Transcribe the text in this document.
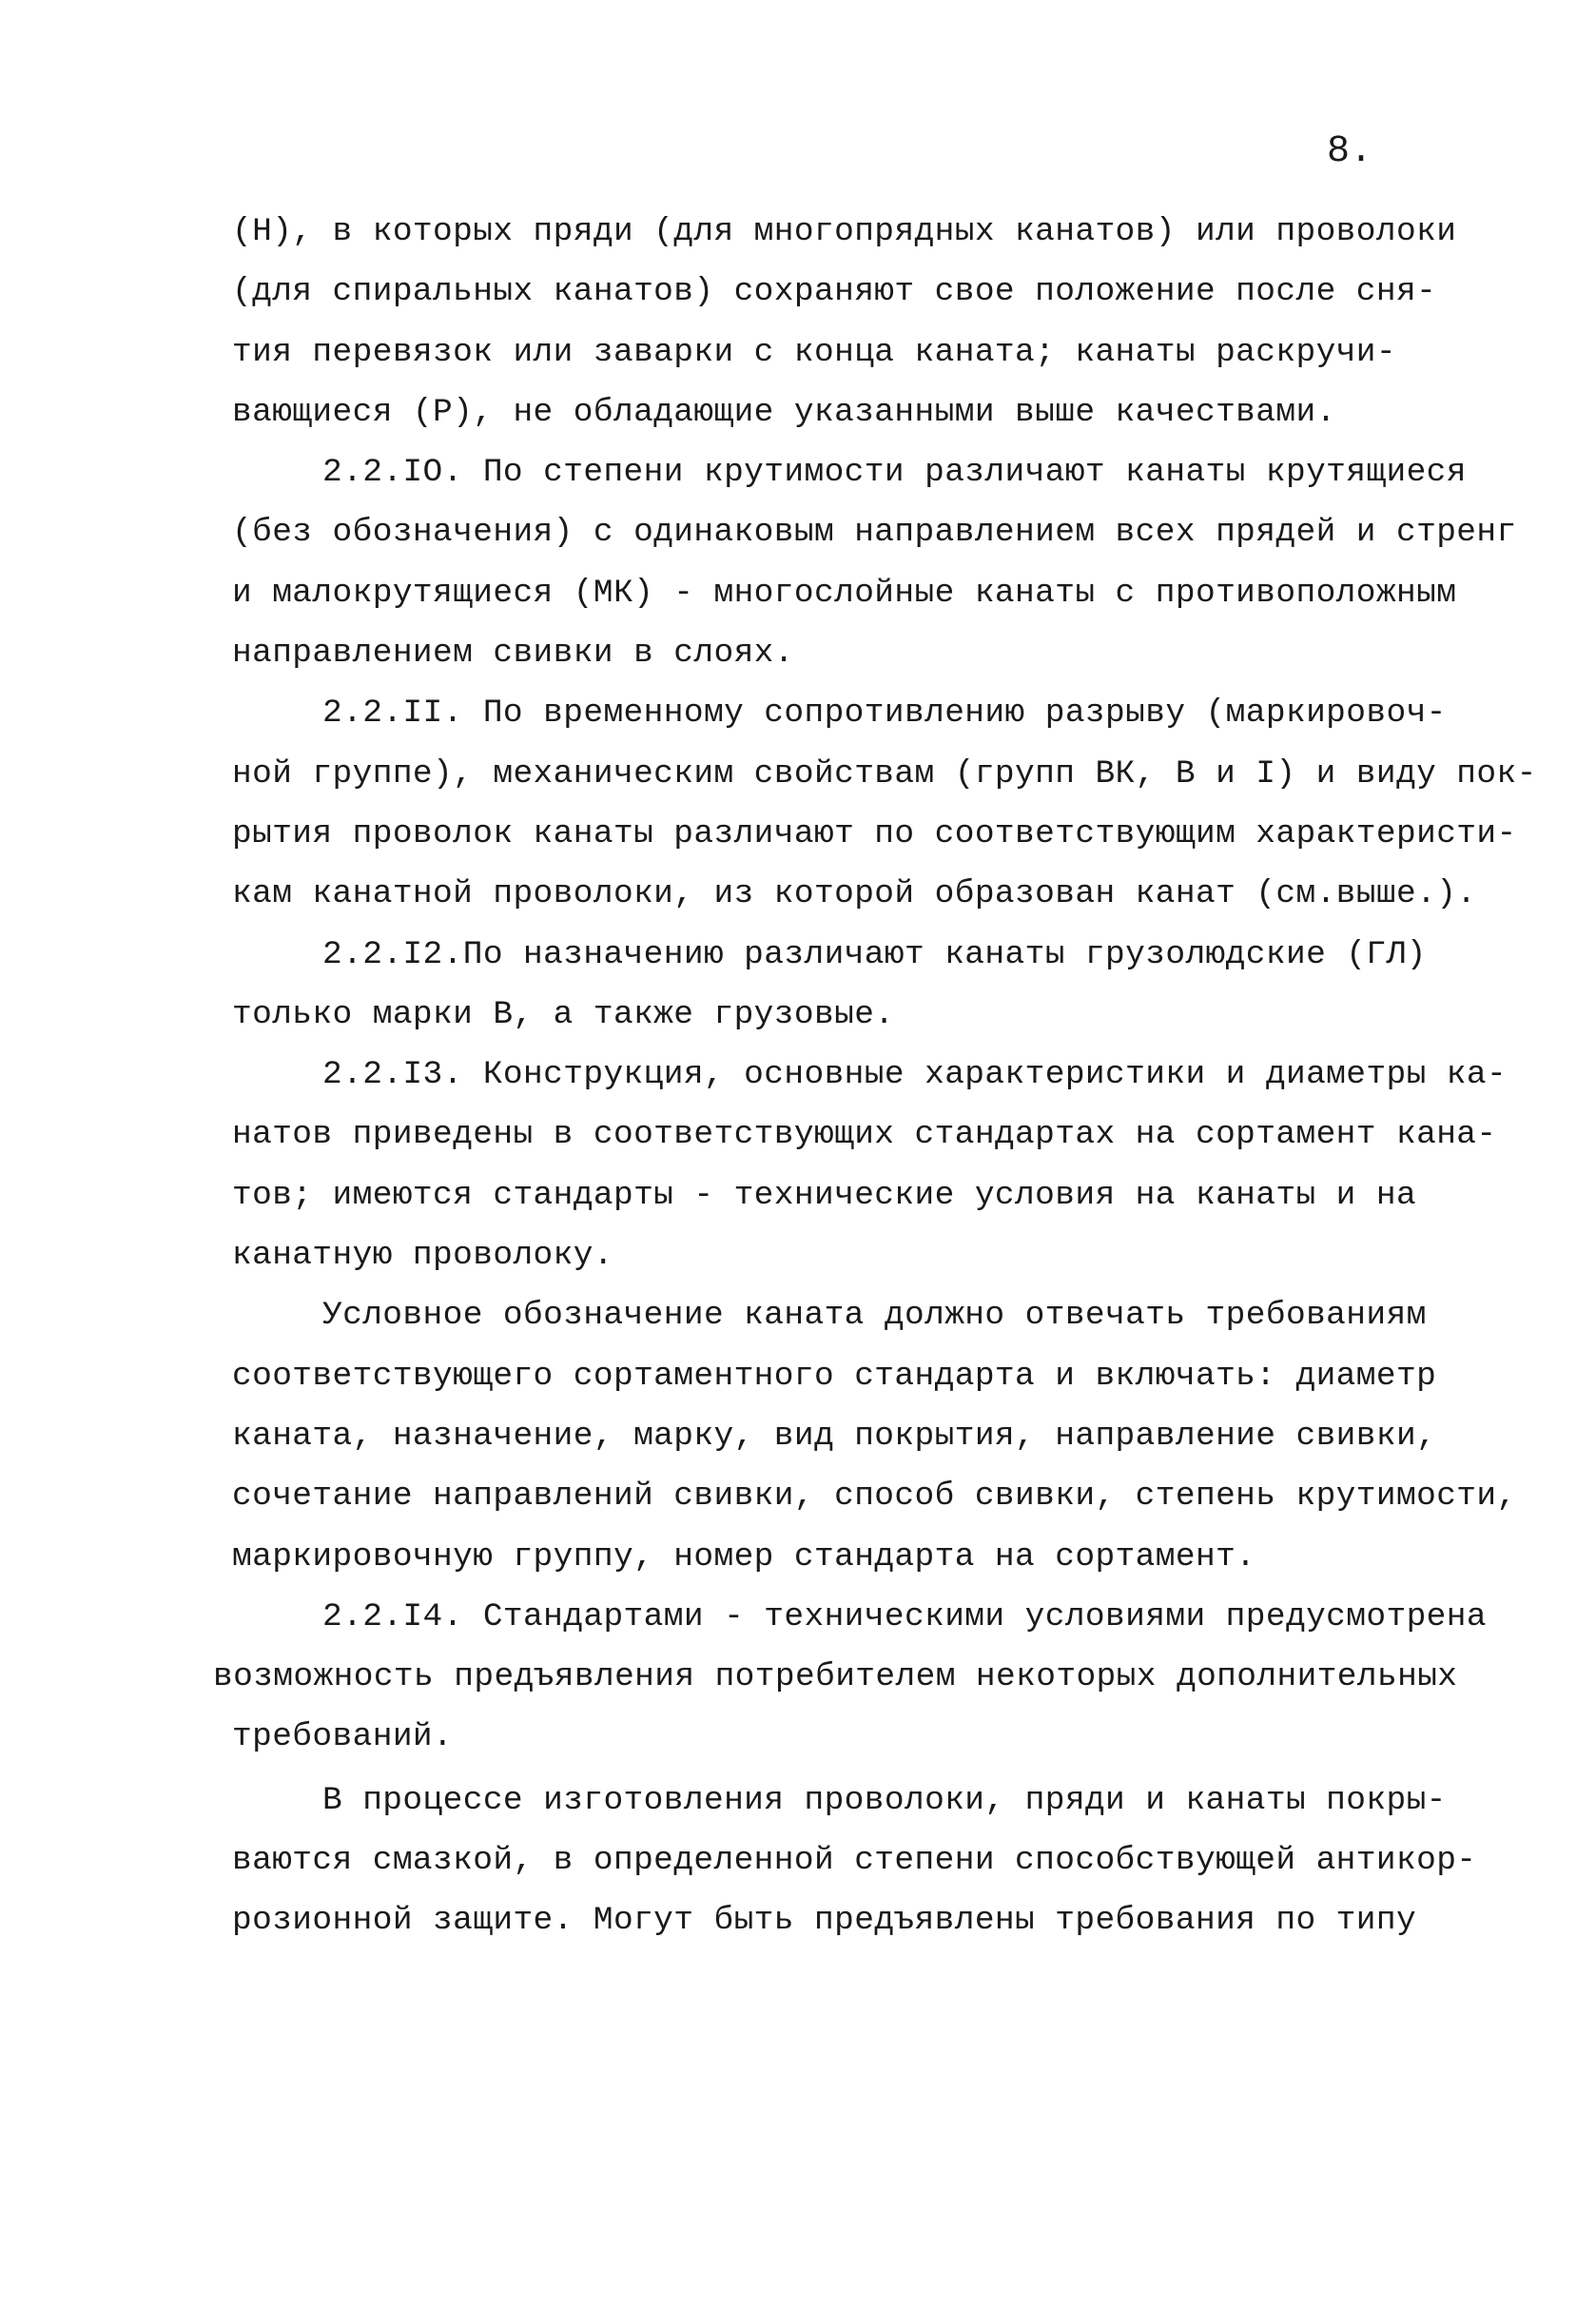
8.

(Н), в которых пряди (для многопрядных канатов) или проволоки
(для спиральных канатов) сохраняют свое положение после сня-
тия перевязок или заварки с конца каната; канаты раскручи-
вающиеся (Р), не обладающие указанными выше качествами.
2.2.IO. По степени крутимости различают канаты крутящиеся
(без обозначения) с одинаковым направлением всех прядей и стренг
и малокрутящиеся (МК) - многослойные канаты с противоположным
направлением свивки в слоях.
2.2.II. По временному сопротивлению разрыву (маркировоч-
ной группе), механическим свойствам (групп ВК, В и I) и виду пок-
рытия проволок канаты различают по соответствующим характеристи-
кам канатной проволоки, из которой образован канат (см.выше.).
2.2.I2.По назначению различают канаты грузолюдские (ГЛ)
только марки В, а также грузовые.
2.2.I3. Конструкция, основные характеристики и диаметры ка-
натов приведены в соответствующих стандартах на сортамент кана-
тов; имеются стандарты - технические условия на канаты и на
канатную проволоку.
Условное обозначение каната должно отвечать требованиям
соответствующего сортаментного стандарта и включать: диаметр
каната, назначение, марку, вид покрытия, направление свивки,
сочетание направлений свивки, способ свивки, степень крутимости,
маркировочную группу, номер стандарта на сортамент.
2.2.I4. Стандартами - техническими условиями предусмотрена
возможность предъявления потребителем некоторых дополнительных
требований.
В процессе изготовления проволоки, пряди и канаты покры-
ваются смазкой, в определенной степени способствующей антикор-
розионной защите. Могут быть предъявлены требования по типу
